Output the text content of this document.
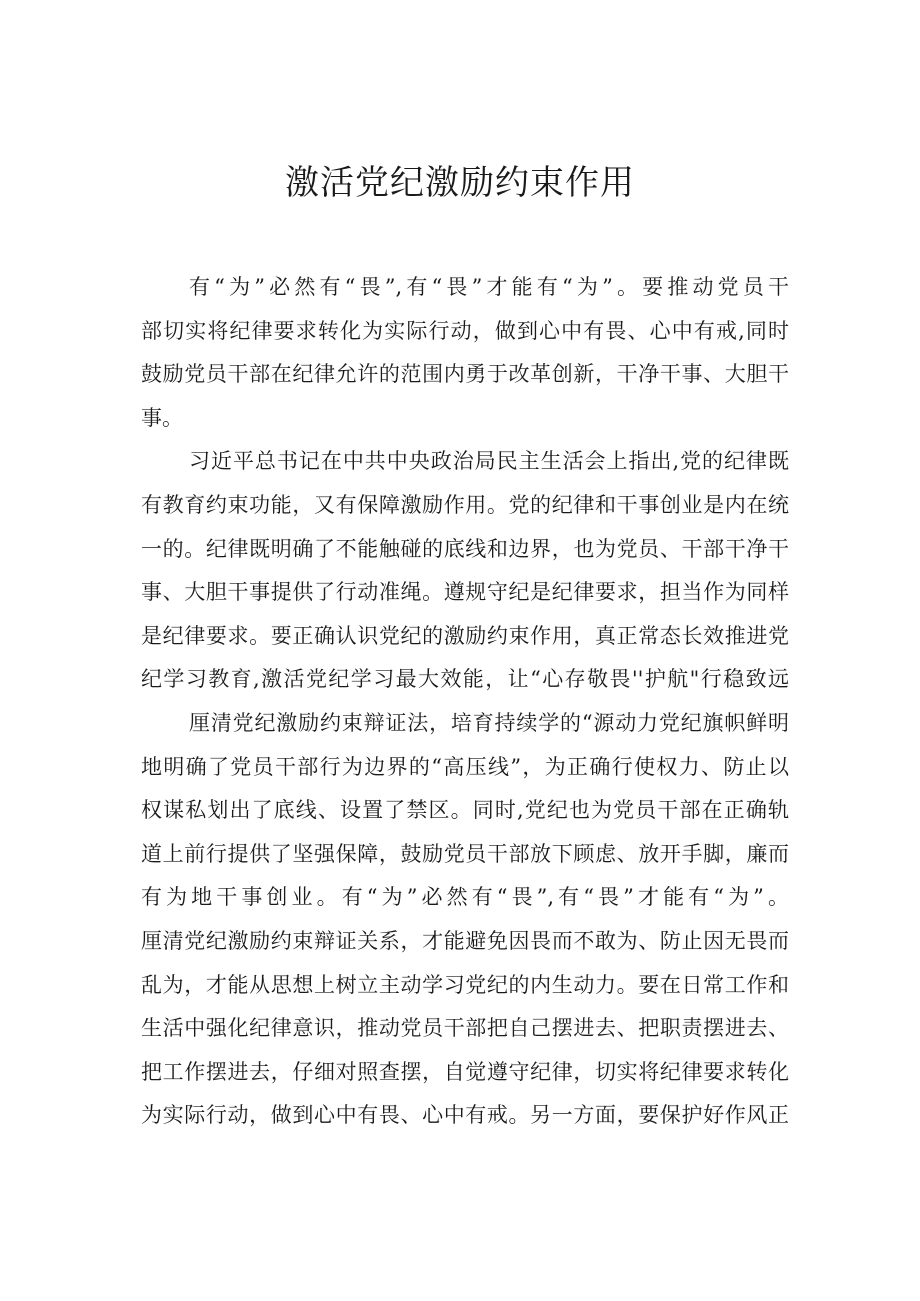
激活党纪激励约束作用
有“为”必然有“畏”,有“畏”才能有“为”。要推动党员干
部切实将纪律要求转化为实际行动，做到心中有畏、心中有戒,同时
鼓励党员干部在纪律允许的范围内勇于改革创新，干净干事、大胆干
事。
习近平总书记在中共中央政治局民主生活会上指出,党的纪律既
有教育约束功能，又有保障激励作用。党的纪律和干事创业是内在统
一的。纪律既明确了不能触碰的底线和边界，也为党员、干部干净干
事、大胆干事提供了行动准绳。遵规守纪是纪律要求，担当作为同样
是纪律要求。要正确认识党纪的激励约束作用，真正常态长效推进党
纪学习教育,激活党纪学习最大效能，让“心存敬畏''护航"行稳致远
厘清党纪激励约束辩证法，培育持续学的“源动力党纪旗帜鲜明
地明确了党员干部行为边界的“高压线”，为正确行使权力、防止以
权谋私划出了底线、设置了禁区。同时,党纪也为党员干部在正确轨
道上前行提供了坚强保障，鼓励党员干部放下顾虑、放开手脚，廉而
有为地干事创业。有“为”必然有“畏”,有“畏”才能有“为”。
厘清党纪激励约束辩证关系，才能避免因畏而不敢为、防止因无畏而
乱为，才能从思想上树立主动学习党纪的内生动力。要在日常工作和
生活中强化纪律意识，推动党员干部把自己摆进去、把职责摆进去、
把工作摆进去，仔细对照查摆，自觉遵守纪律，切实将纪律要求转化
为实际行动，做到心中有畏、心中有戒。另一方面，要保护好作风正
